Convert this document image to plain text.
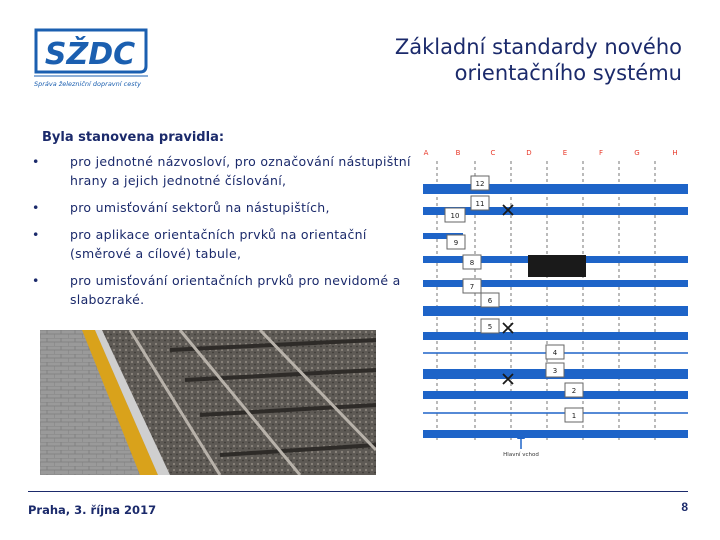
SŽDC
Správa železniční dopravní cesty
Základní standardy nového
orientačního systému
Byla stanovena pravidla:
• pro jednotné názvosloví, pro označování nástupištní hrany a jejich jednotné číslování,
• pro umisťování sektorů na nástupištích,
• pro aplikace orientačních prvků na orientační (směrové a cílové) tabule,
• pro umisťování orientačních prvků pro nevidomé a slabozraké.
A	B	C	D	E	F	G	H
12
11
10
9
8
7
6
5
4
3
2
1
Hlavní vchod
Praha, 3. října 2017	8
